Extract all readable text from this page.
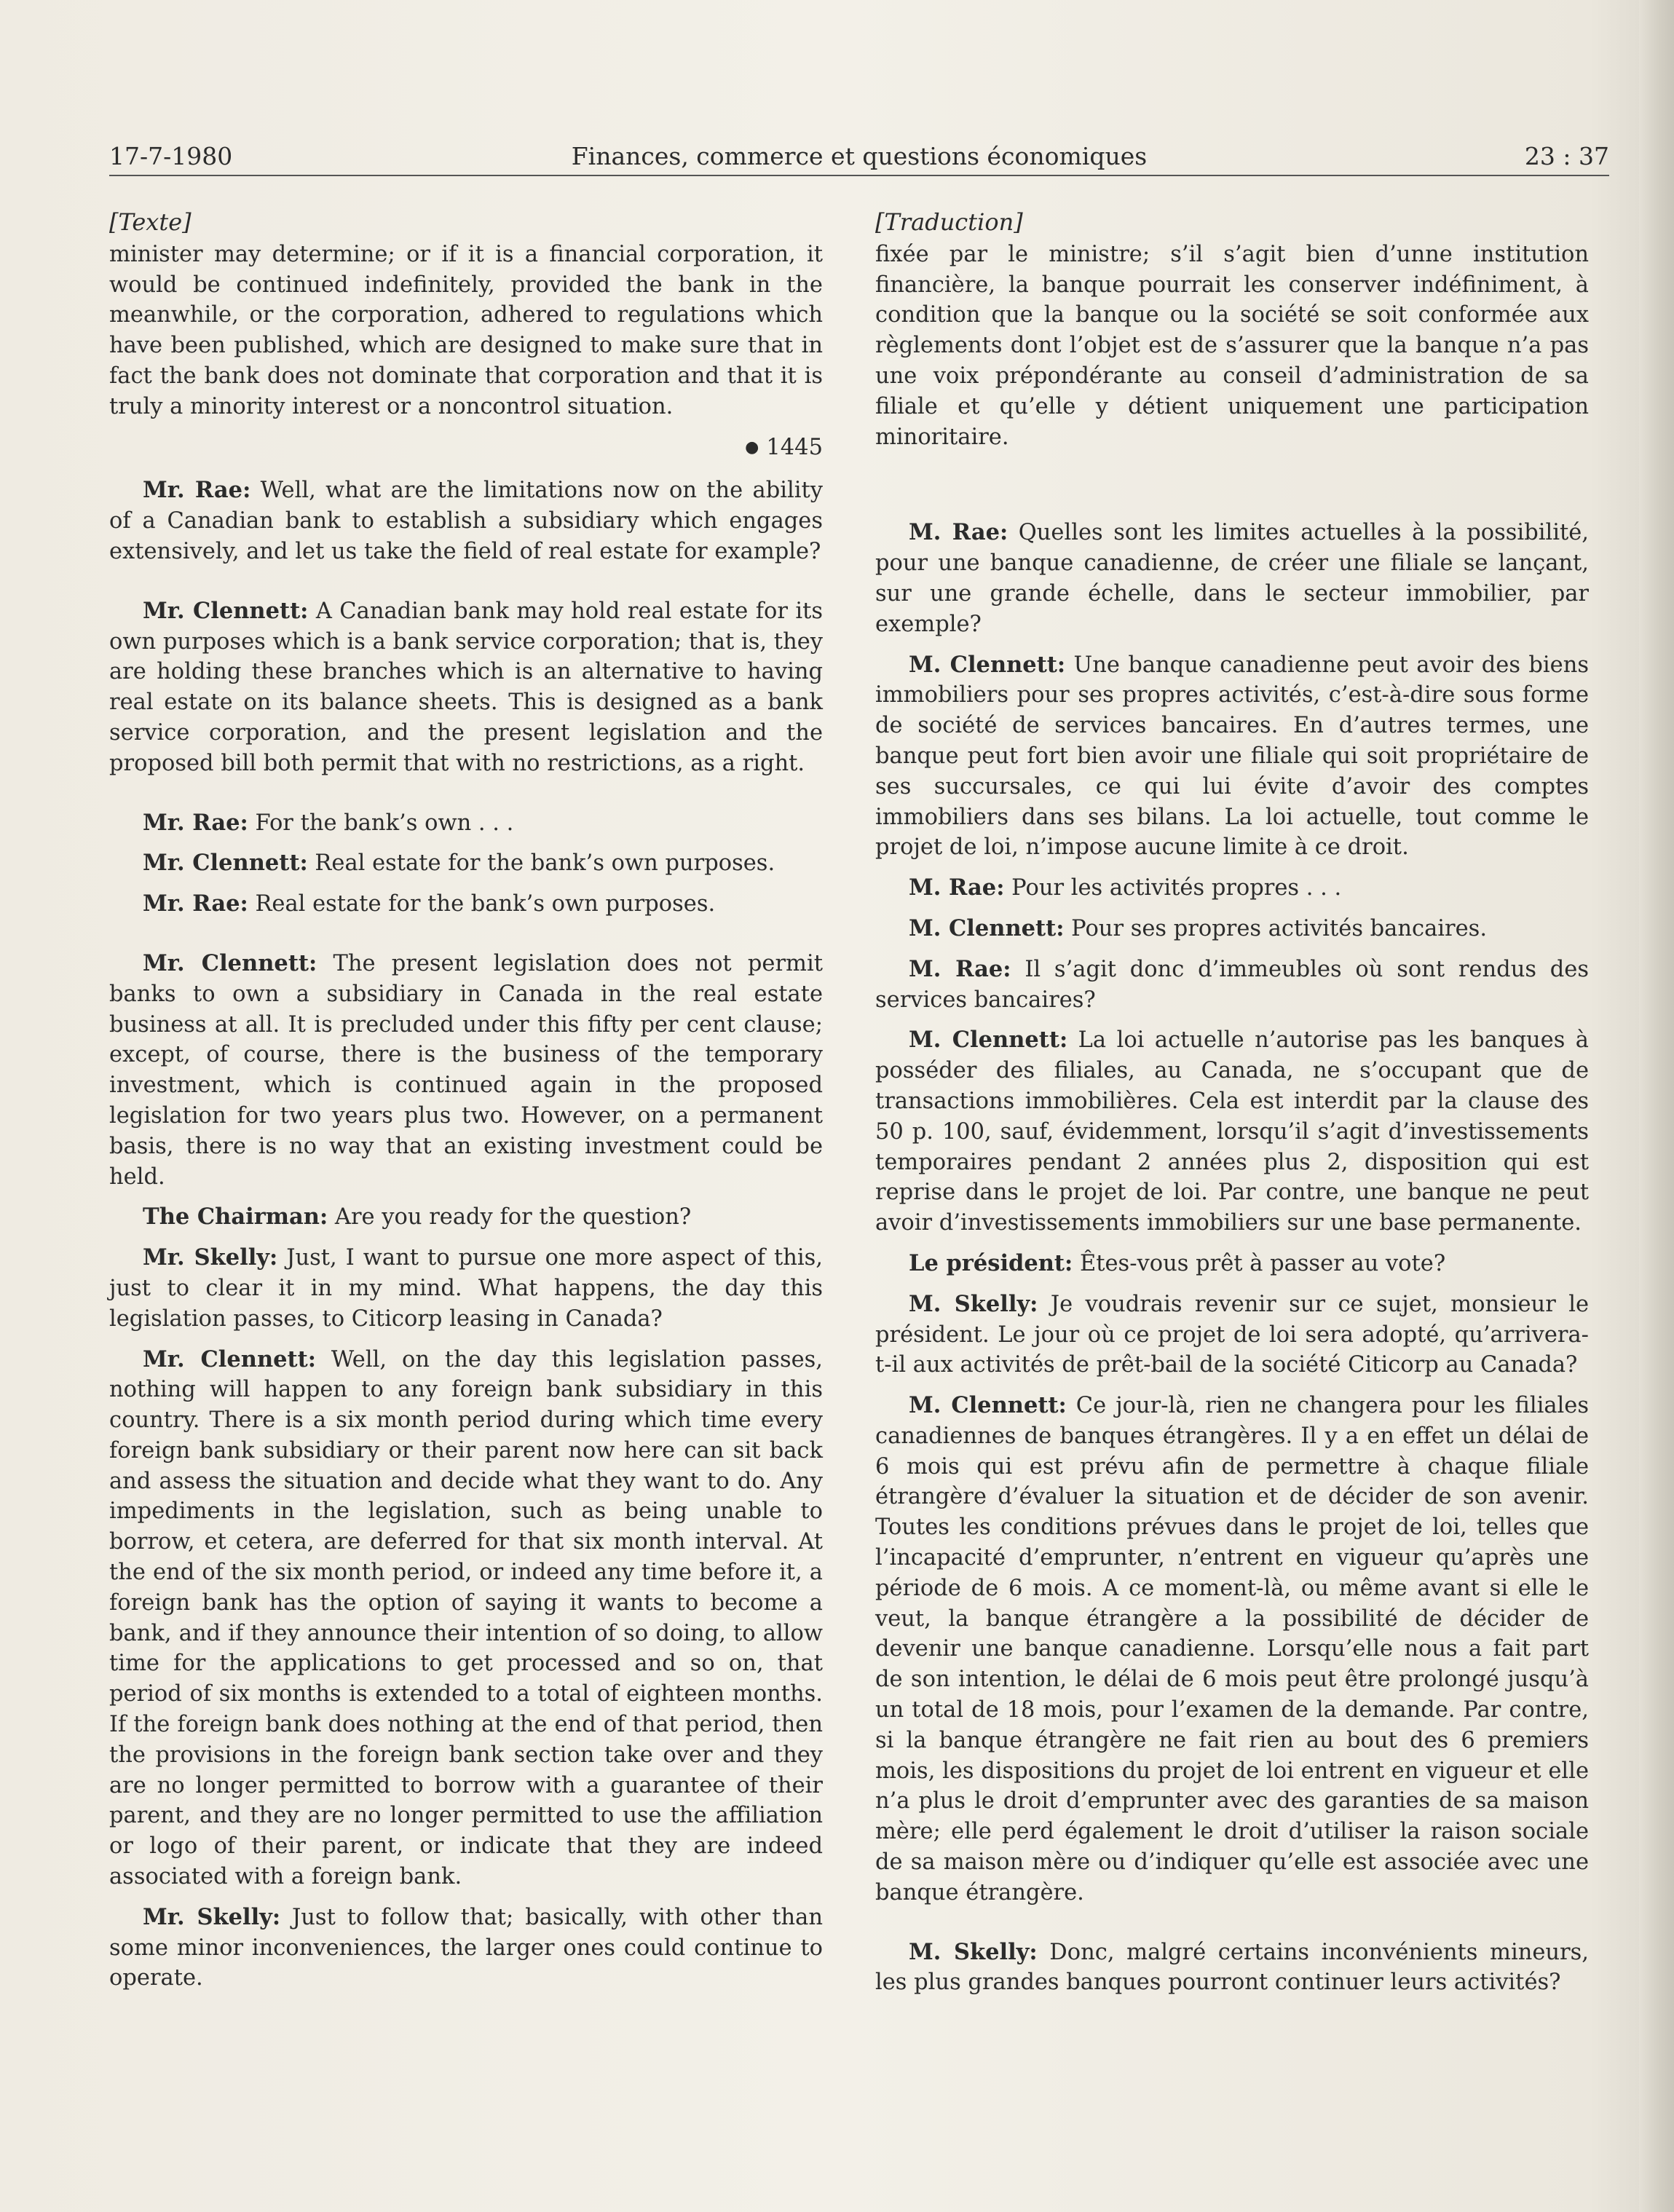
17-7-1980	Finances, commerce et questions économiques	23 : 37
[Texte]

minister may determine; or if it is a financial corporation, it would be continued indefinitely, provided the bank in the meanwhile, or the corporation, adhered to regulations which have been published, which are designed to make sure that in fact the bank does not dominate that corporation and that it is truly a minority interest or a noncontrol situation.

● 1445

Mr. Rae: Well, what are the limitations now on the ability of a Canadian bank to establish a subsidiary which engages extensively, and let us take the field of real estate for example?

Mr. Clennett: A Canadian bank may hold real estate for its own purposes which is a bank service corporation; that is, they are holding these branches which is an alternative to having real estate on its balance sheets. This is designed as a bank service corporation, and the present legislation and the proposed bill both permit that with no restrictions, as a right.

Mr. Rae: For the bank’s own . . .

Mr. Clennett: Real estate for the bank’s own purposes.

Mr. Rae: Real estate for the bank’s own purposes.

Mr. Clennett: The present legislation does not permit banks to own a subsidiary in Canada in the real estate business at all. It is precluded under this fifty per cent clause; except, of course, there is the business of the temporary investment, which is continued again in the proposed legislation for two years plus two. However, on a permanent basis, there is no way that an existing investment could be held.

The Chairman: Are you ready for the question?

Mr. Skelly: Just, I want to pursue one more aspect of this, just to clear it in my mind. What happens, the day this legislation passes, to Citicorp leasing in Canada?

Mr. Clennett: Well, on the day this legislation passes, nothing will happen to any foreign bank subsidiary in this country. There is a six month period during which time every foreign bank subsidiary or their parent now here can sit back and assess the situation and decide what they want to do. Any impediments in the legislation, such as being unable to borrow, et cetera, are deferred for that six month interval. At the end of the six month period, or indeed any time before it, a foreign bank has the option of saying it wants to become a bank, and if they announce their intention of so doing, to allow time for the applications to get processed and so on, that period of six months is extended to a total of eighteen months. If the foreign bank does nothing at the end of that period, then the provisions in the foreign bank section take over and they are no longer permitted to borrow with a guarantee of their parent, and they are no longer permitted to use the affiliation or logo of their parent, or indicate that they are indeed associated with a foreign bank.

Mr. Skelly: Just to follow that; basically, with other than some minor inconveniences, the larger ones could continue to operate.

[Traduction]

fixée par le ministre; s’il s’agit bien d’unne institution financière, la banque pourrait les conserver indéfiniment, à condition que la banque ou la société se soit conformée aux règlements dont l’objet est de s’assurer que la banque n’a pas une voix prépondérante au conseil d’administration de sa filiale et qu’elle y détient uniquement une participation minoritaire.

M. Rae: Quelles sont les limites actuelles à la possibilité, pour une banque canadienne, de créer une filiale se lançant, sur une grande échelle, dans le secteur immobilier, par exemple?

M. Clennett: Une banque canadienne peut avoir des biens immobiliers pour ses propres activités, c’est-à-dire sous forme de société de services bancaires. En d’autres termes, une banque peut fort bien avoir une filiale qui soit propriétaire de ses succursales, ce qui lui évite d’avoir des comptes immobiliers dans ses bilans. La loi actuelle, tout comme le projet de loi, n’impose aucune limite à ce droit.

M. Rae: Pour les activités propres . . .

M. Clennett: Pour ses propres activités bancaires.

M. Rae: Il s’agit donc d’immeubles où sont rendus des services bancaires?

M. Clennett: La loi actuelle n’autorise pas les banques à posséder des filiales, au Canada, ne s’occupant que de transactions immobilières. Cela est interdit par la clause des 50 p. 100, sauf, évidemment, lorsqu’il s’agit d’investissements temporaires pendant 2 années plus 2, disposition qui est reprise dans le projet de loi. Par contre, une banque ne peut avoir d’investissements immobiliers sur une base permanente.

Le président: Êtes-vous prêt à passer au vote?

M. Skelly: Je voudrais revenir sur ce sujet, monsieur le président. Le jour où ce projet de loi sera adopté, qu’arrivera-t-il aux activités de prêt-bail de la société Citicorp au Canada?

M. Clennett: Ce jour-là, rien ne changera pour les filiales canadiennes de banques étrangères. Il y a en effet un délai de 6 mois qui est prévu afin de permettre à chaque filiale étrangère d’évaluer la situation et de décider de son avenir. Toutes les conditions prévues dans le projet de loi, telles que l’incapacité d’emprunter, n’entrent en vigueur qu’après une période de 6 mois. A ce moment-là, ou même avant si elle le veut, la banque étrangère a la possibilité de décider de devenir une banque canadienne. Lorsqu’elle nous a fait part de son intention, le délai de 6 mois peut être prolongé jusqu’à un total de 18 mois, pour l’examen de la demande. Par contre, si la banque étrangère ne fait rien au bout des 6 premiers mois, les dispositions du projet de loi entrent en vigueur et elle n’a plus le droit d’emprunter avec des garanties de sa maison mère; elle perd également le droit d’utiliser la raison sociale de sa maison mère ou d’indiquer qu’elle est associée avec une banque étrangère.

M. Skelly: Donc, malgré certains inconvénients mineurs, les plus grandes banques pourront continuer leurs activités?
